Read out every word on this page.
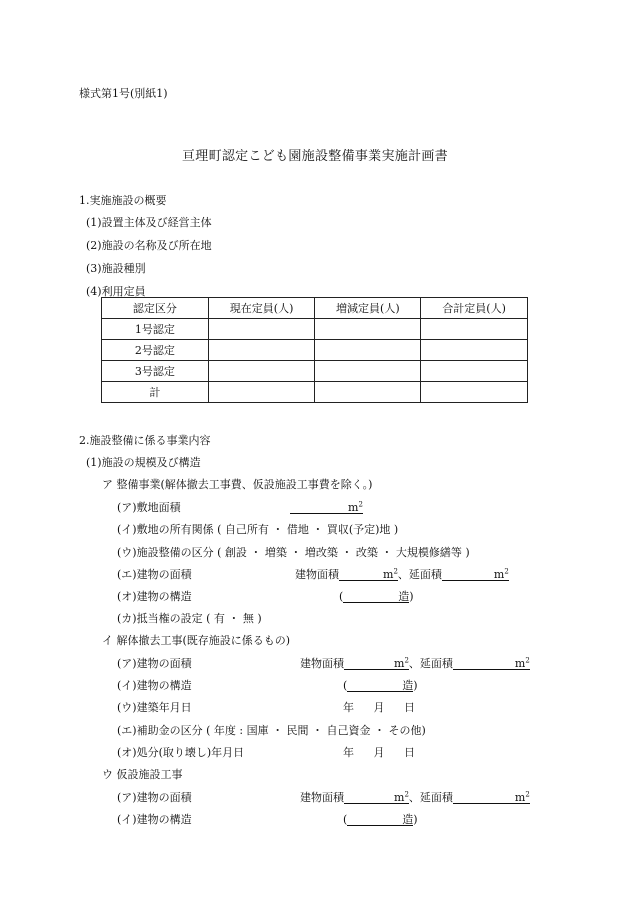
様式第1号(別紙1)
亘理町認定こども園施設整備事業実施計画書
1.実施施設の概要
(1)設置主体及び経営主体
(2)施設の名称及び所在地
(3)施設種別
(4)利用定員
認定区分	現在定員(人)	増減定員(人)	合計定員(人)
1号認定			
2号認定			
3号認定			
計			
2.施設整備に係る事業内容
(1)施設の規模及び構造
ア 整備事業(解体撤去工事費、仮設施設工事費を除く。)
(ア)敷地面積	$m^2$
(イ)敷地の所有関係 ( 自己所有 ・ 借地 ・ 買収(予定)地 )
(ウ)施設整備の区分 ( 創設 ・ 増築 ・ 増改築 ・ 改築 ・ 大規模修繕等 )
(エ)建物の面積	建物面積	$m^2$、延面積	$m^2$
(オ)建物の構造	(	造)
(カ)抵当権の設定 ( 有 ・ 無 )
イ 解体撤去工事(既存施設に係るもの)
(ア)建物の面積	建物面積	$m^2$、延面積	$m^2$
(イ)建物の構造	(	造)
(ウ)建築年月日	年 月 日
(エ)補助金の区分 ( 年度 : 国庫 ・ 民間 ・ 自己資金 ・ その他)
(オ)処分(取り壊し)年月日	年 月 日
ウ 仮設施設工事
(ア)建物の面積	建物面積	$m^2$、延面積	$m^2$
(イ)建物の構造	(	造)
